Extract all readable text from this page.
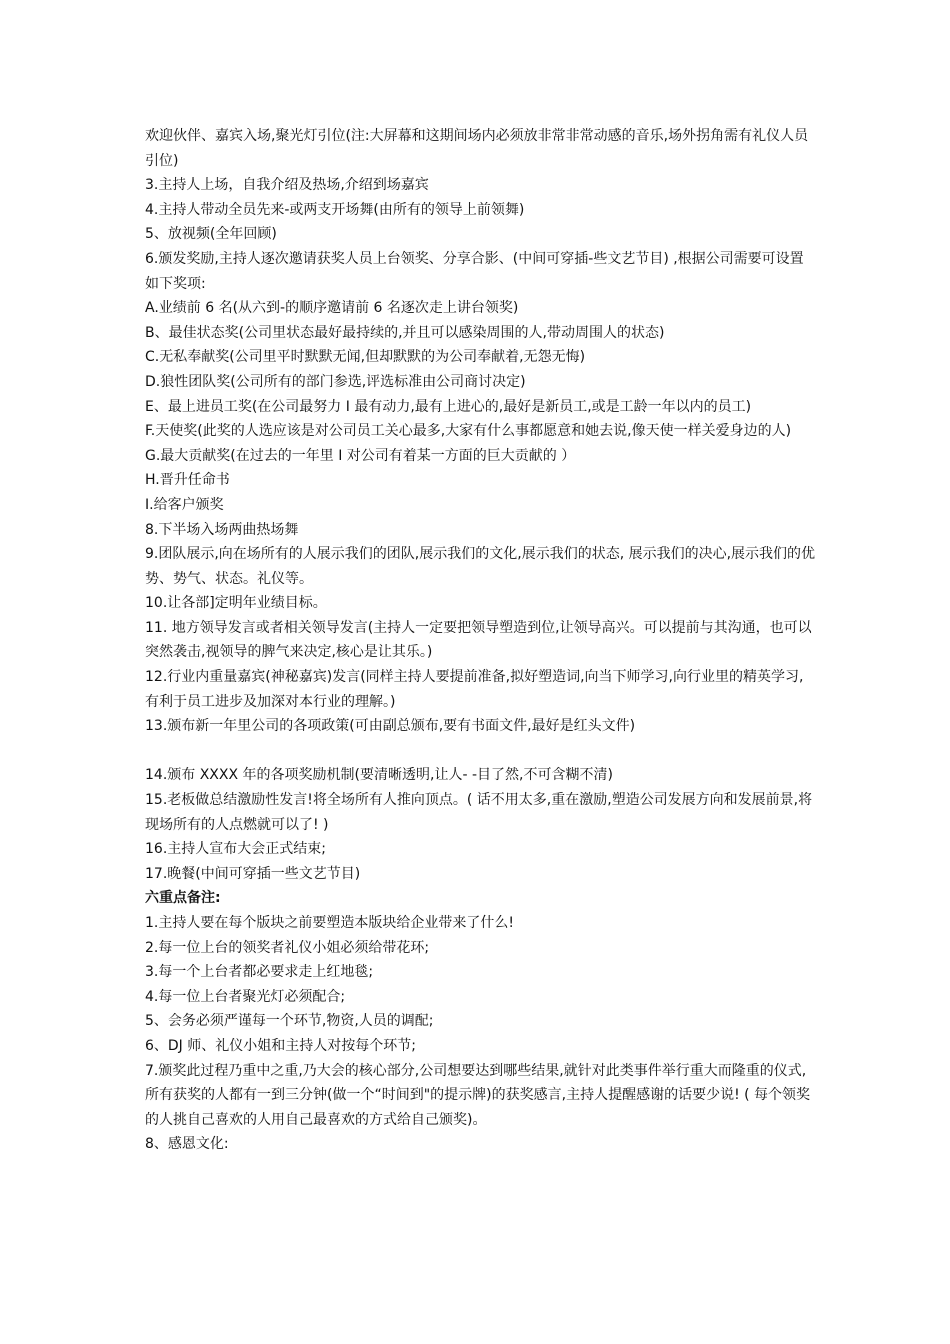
欢迎伙伴、嘉宾入场,聚光灯引位(注:大屏幕和这期间场内必须放非常非常动感的音乐,场外拐角需有礼仪人员引位)

3.主持人上场，自我介绍及热场,介绍到场嘉宾

4.主持人带动全员先来-或两支开场舞(由所有的领导上前领舞)

5、放视频(全年回顾)

6.颁发奖励,主持人逐次邀请获奖人员上台领奖、分享合影、(中间可穿插-些文艺节目) ,根据公司需要可设置如下奖项:

A.业绩前 6 名(从六到-的顺序邀请前 6 名逐次走上讲台领奖)

B、最佳状态奖(公司里状态最好最持续的,并且可以感染周围的人,带动周围人的状态)

C.无私奉献奖(公司里平时默默无闻,但却默默的为公司奉献着,无怨无悔)

D.狼性团队奖(公司所有的部门参选,评选标准由公司商讨决定)

E、最上进员工奖(在公司最努力 I 最有动力,最有上进心的,最好是新员工,或是工龄一年以内的员工)

F.天使奖(此奖的人选应该是对公司员工关心最多,大家有什么事都愿意和她去说,像天使一样关爱身边的人)

G.最大贡献奖(在过去的一年里 I 对公司有着某一方面的巨大贡献的 ）

H.晋升任命书

I.给客户颁奖

8.下半场入场两曲热场舞

9.团队展示,向在场所有的人展示我们的团队,展示我们的文化,展示我们的状态, 展示我们的决心,展示我们的优势、势气、状态。礼仪等。

10.让各部]定明年业绩目标。

11. 地方领导发言或者相关领导发言(主持人一定要把领导塑造到位,让领导高兴。可以提前与其沟通，也可以突然袭击,视领导的脾气来决定,核心是让其乐。)

12.行业内重量嘉宾(神秘嘉宾)发言(同样主持人要提前准备,拟好塑造词,向当下师学习,向行业里的精英学习,有利于员工进步及加深对本行业的理解。)

13.颁布新一年里公司的各项政策(可由副总颁布,要有书面文件,最好是红头文件)

14.颁布 XXXX 年的各项奖励机制(要清晰透明,让人- -目了然,不可含糊不清)

15.老板做总结激励性发言!将全场所有人推向顶点。( 话不用太多,重在激励,塑造公司发展方向和发展前景,将现场所有的人点燃就可以了! )

16.主持人宣布大会正式结束;

17.晚餐(中间可穿插一些文艺节目)

六重点备注:

1.主持人要在每个版块之前要塑造本版块给企业带来了什么!

2.每一位上台的领奖者礼仪小姐必须给带花环;

3.每一个上台者都必要求走上红地毯;

4.每一位上台者聚光灯必须配合;

5、会务必须严谨每一个环节,物资,人员的调配;

6、DJ 师、礼仪小姐和主持人对按每个环节;

7.颁奖此过程乃重中之重,乃大会的核心部分,公司想要达到哪些结果,就针对此类事件举行重大而隆重的仪式,所有获奖的人都有一到三分钟(做一个“时间到"的提示牌)的获奖感言,主持人提醒感谢的话要少说! ( 每个领奖的人挑自己喜欢的人用自己最喜欢的方式给自己颁奖)。

8、感恩文化:
